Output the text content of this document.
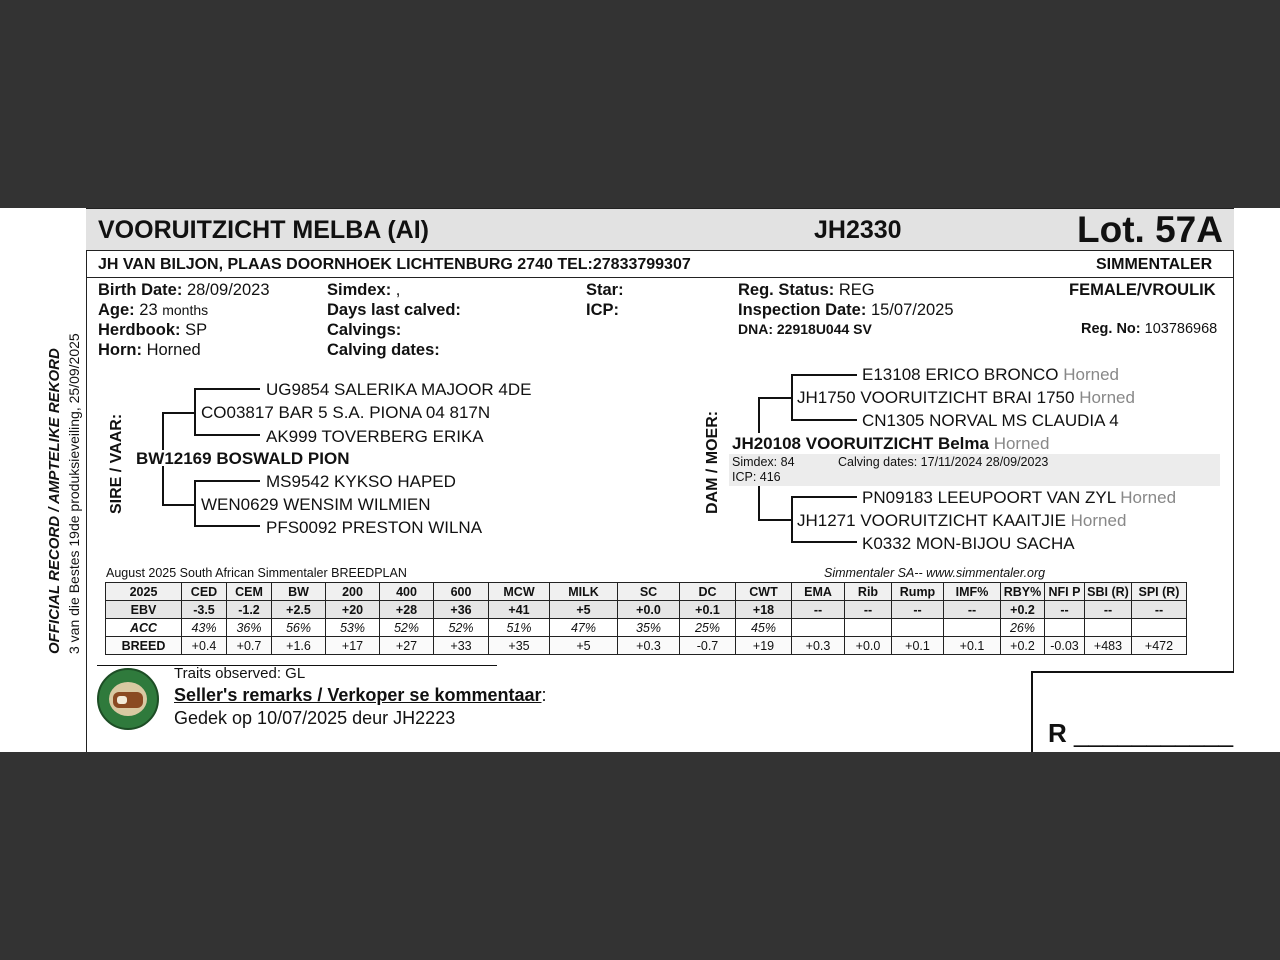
VOORUITZICHT MELBA (AI)	JH2330	Lot. 57A
JH VAN BILJON, PLAAS DOORNHOEK LICHTENBURG 2740 TEL:27833799307	SIMMENTALER
Birth Date: 28/09/2023
Age: 23 months
Herdbook: SP
Horn: Horned
Simdex: ,
Days last calved:
Calvings:
Calving dates:
Star:
ICP:
Reg. Status: REG
Inspection Date: 15/07/2025
DNA: 22918U044 SV
FEMALE/VROULIK
Reg. No: 103786968
OFFICIAL RECORD / AMPTELIKE REKORD 3 van die Bestes 19de produksieveiling, 25/09/2025 SIRE / VAAR:
UG9854 SALERIKA MAJOOR 4DE
CO03817 BAR 5 S.A. PIONA 04 817N
AK999 TOVERBERG ERIKA
BW12169 BOSWALD PION
MS9542 KYKSO HAPED
WEN0629 WENSIM WILMIEN
PFS0092 PRESTON WILNA
DAM / MOER:
E13108 ERICO BRONCO Horned
JH1750 VOORUITZICHT BRAI 1750 Horned
CN1305 NORVAL MS CLAUDIA 4
JH20108 VOORUITZICHT Belma Horned
Simdex: 84	Calving dates: 17/11/2024 28/09/2023
ICP: 416
PN09183 LEEUPOORT VAN ZYL Horned
JH1271 VOORUITZICHT KAAITJIE Horned
K0332 MON-BIJOU SACHA
August 2025 South African Simmentaler BREEDPLAN	Simmentaler SA-- www.simmentaler.org
2025	CED	CEM	BW	200	400	600	MCW	MILK	SC	DC	CWT	EMA	Rib	Rump	IMF%	RBY%	NFI P	SBI (R)	SPI (R)
EBV	-3.5	-1.2	+2.5	+20	+28	+36	+41	+5	+0.0	+0.1	+18	--	--	--	--	+0.2	--	--	--
ACC	43%	36%	56%	53%	52%	52%	51%	47%	35%	25%	45%					26%			
BREED	+0.4	+0.7	+1.6	+17	+27	+33	+35	+5	+0.3	-0.7	+19	+0.3	+0.0	+0.1	+0.1	+0.2	-0.03	+483	+472
Traits observed: GL
Seller's remarks / Verkoper se kommentaar:
Gedek op 10/07/2025 deur JH2223	R ___________
